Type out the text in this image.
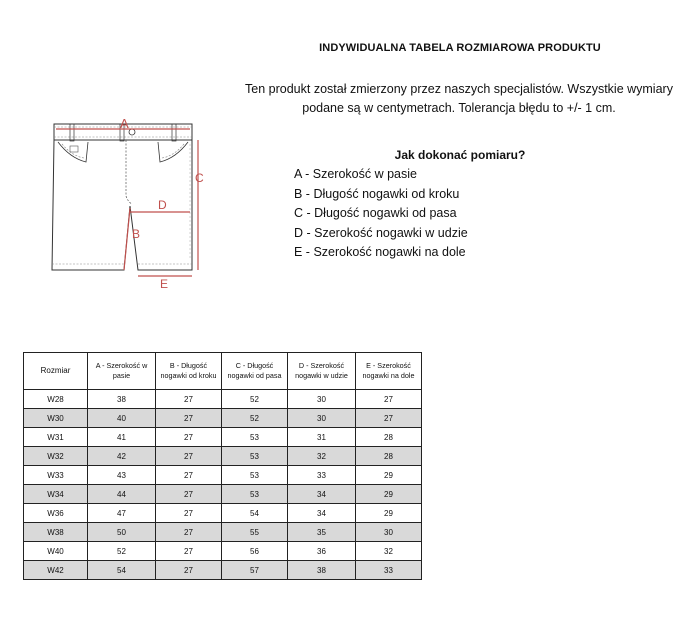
INDYWIDUALNA TABELA ROZMIAROWA PRODUKTU
Ten produkt został zmierzony przez naszych specjalistów. Wszystkie wymiary
podane są w centymetrach. Tolerancja błędu to +/- 1 cm.
Jak dokonać pomiaru?
A - Szerokość w pasie
B - Długość nogawki od kroku
C - Długość nogawki od pasa
D - Szerokość nogawki w udzie
E - Szerokość nogawki na dole
A
C
D
B
E
Rozmiar	A - Szerokość w pasie	B - Długość nogawki od kroku	C - Długość nogawki od pasa	D - Szerokość nogawki w udzie	E - Szerokość nogawki na dole
W28	38	27	52	30	27
W30	40	27	52	30	27
W31	41	27	53	31	28
W32	42	27	53	32	28
W33	43	27	53	33	29
W34	44	27	53	34	29
W36	47	27	54	34	29
W38	50	27	55	35	30
W40	52	27	56	36	32
W42	54	27	57	38	33
